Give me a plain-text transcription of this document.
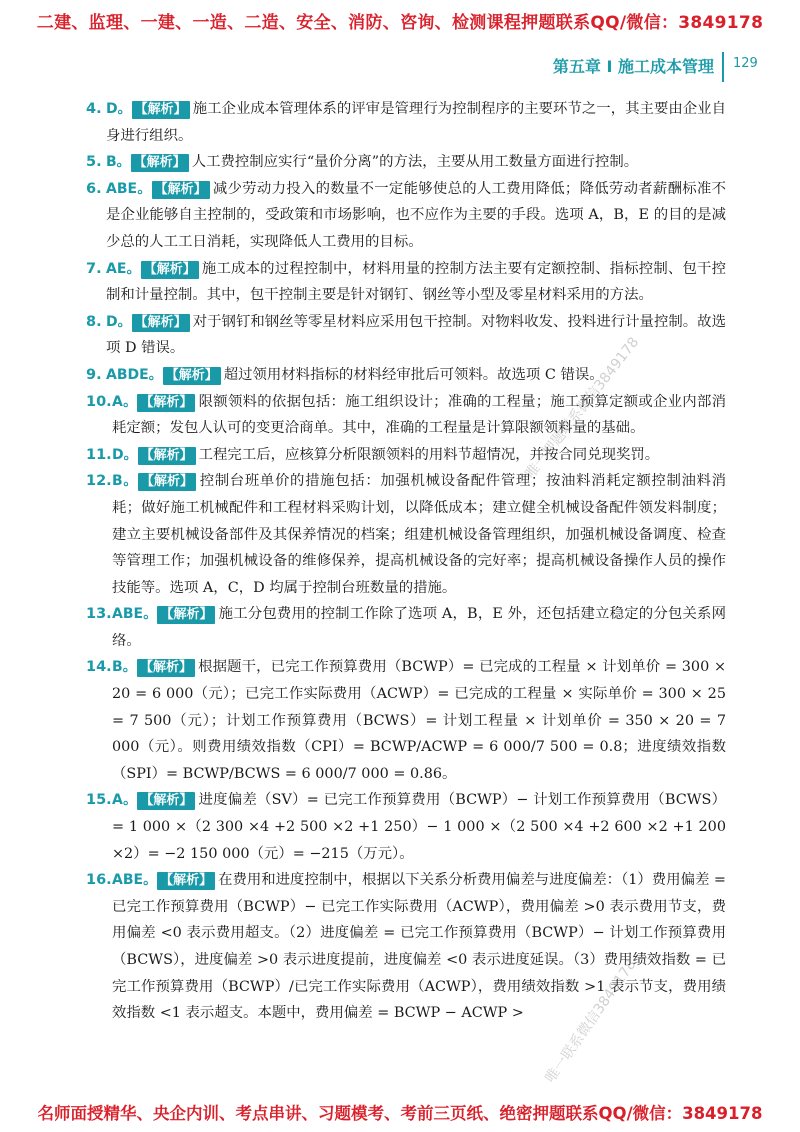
二建、监理、一建、一造、二造、安全、消防、咨询、检测课程押题联系QQ/微信：3849178
第五章 I 施工成本管理 129
4. D。 【解析】 施工企业成本管理体系的评审是管理行为控制程序的主要环节之一，其主要由企业自身进行组织。
5. B。 【解析】 人工费控制应实行“量价分离”的方法，主要从用工数量方面进行控制。
6. ABE。 【解析】 减少劳动力投入的数量不一定能够使总的人工费用降低；降低劳动者薪酬标准不是企业能够自主控制的，受政策和市场影响，也不应作为主要的手段。选项 A，B，E 的目的是减少总的人工工日消耗，实现降低人工费用的目标。
7. AE。 【解析】 施工成本的过程控制中，材料用量的控制方法主要有定额控制、指标控制、包干控制和计量控制。其中，包干控制主要是针对钢钉、钢丝等小型及零星材料采用的方法。
8. D。 【解析】 对于钢钉和钢丝等零星材料应采用包干控制。对物料收发、投料进行计量控制。故选项 D 错误。
9. ABDE。 【解析】 超过领用材料指标的材料经审批后可领料。故选项 C 错误。
10. A。 【解析】 限额领料的依据包括：施工组织设计；准确的工程量；施工预算定额或企业内部消耗定额；发包人认可的变更洽商单。其中，准确的工程量是计算限额领料量的基础。
11. D。 【解析】 工程完工后，应核算分析限额领料的用料节超情况，并按合同兑现奖罚。
12. B。 【解析】 控制台班单价的措施包括：加强机械设备配件管理；按油料消耗定额控制油料消耗；做好施工机械配件和工程材料采购计划，以降低成本；建立健全机械设备配件领发料制度；建立主要机械设备部件及其保养情况的档案；组建机械设备管理组织，加强机械设备调度、检查等管理工作；加强机械设备的维修保养，提高机械设备的完好率；提高机械设备操作人员的操作技能等。选项 A，C，D 均属于控制台班数量的措施。
13. ABE。 【解析】 施工分包费用的控制工作除了选项 A，B，E 外，还包括建立稳定的分包关系网络。
14. B。 【解析】 根据题干，已完工作预算费用（BCWP）= 已完成的工程量 × 计划单价 = 300 × 20 = 6 000（元）；已完工作实际费用（ACWP）= 已完成的工程量 × 实际单价 = 300 × 25 = 7 500（元）；计划工作预算费用（BCWS）= 计划工程量 × 计划单价 = 350 × 20 = 7 000（元）。则费用绩效指数（CPI）= BCWP/ACWP = 6 000/7 500 = 0.8；进度绩效指数（SPI）= BCWP/BCWS = 6 000/7 000 = 0.86。
15. A。 【解析】 进度偏差（SV）= 已完工作预算费用（BCWP）− 计划工作预算费用（BCWS）= 1 000 ×（2 300 ×4 +2 500 ×2 +1 250）− 1 000 ×（2 500 ×4 +2 600 ×2 +1 200 ×2）= −2 150 000（元）= −215（万元）。
16. ABE。 【解析】 在费用和进度控制中，根据以下关系分析费用偏差与进度偏差：（1）费用偏差 = 已完工作预算费用（BCWP）− 已完工作实际费用（ACWP），费用偏差 >0 表示费用节支，费用偏差 <0 表示费用超支。（2）进度偏差 = 已完工作预算费用（BCWP）− 计划工作预算费用（BCWS），进度偏差 >0 表示进度提前，进度偏差 <0 表示进度延误。（3）费用绩效指数 = 已完工作预算费用（BCWP）/已完工作实际费用（ACWP），费用绩效指数 >1 表示节支，费用绩效指数 <1 表示超支。本题中，费用偏差 = BCWP − ACWP >
唯一押题联系微信3849178
唯一联系微信3849178
名师面授精华、央企内训、考点串讲、习题模考、考前三页纸、绝密押题联系QQ/微信：3849178
